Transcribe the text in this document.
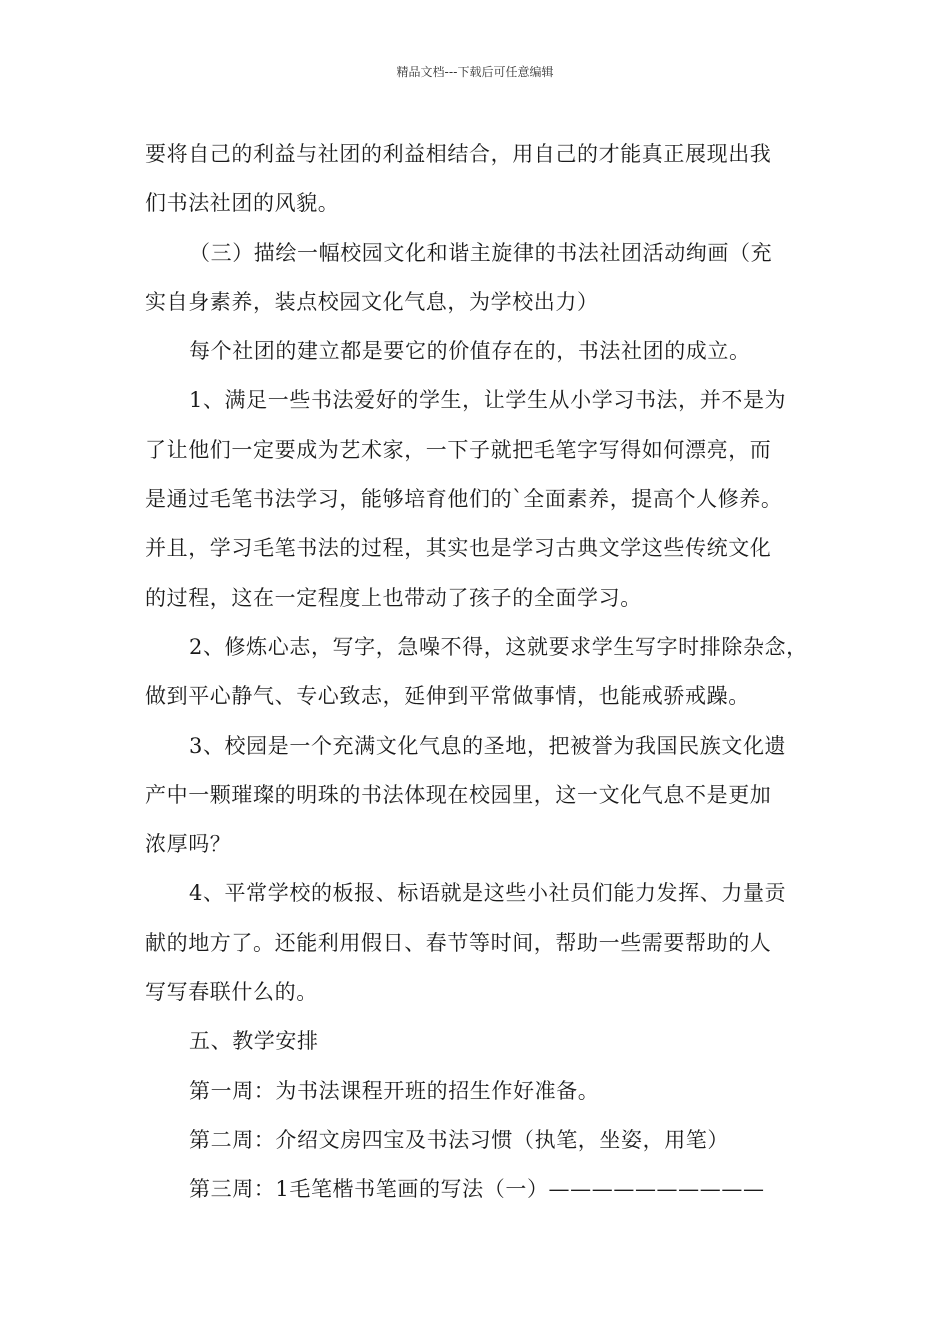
精品文档---下载后可任意编辑

要将自己的利益与社团的利益相结合，用自己的才能真正展现出我
们书法社团的风貌。

（三）描绘一幅校园文化和谐主旋律的书法社团活动绚画（充
实自身素养，装点校园文化气息，为学校出力）

每个社团的建立都是要它的价值存在的，书法社团的成立。

1、满足一些书法爱好的学生，让学生从小学习书法，并不是为
了让他们一定要成为艺术家，一下子就把毛笔字写得如何漂亮，而
是通过毛笔书法学习，能够培育他们的`全面素养，提高个人修养。
并且，学习毛笔书法的过程，其实也是学习古典文学这些传统文化
的过程，这在一定程度上也带动了孩子的全面学习。

2、修炼心志，写字，急噪不得，这就要求学生写字时排除杂念，
做到平心静气、专心致志，延伸到平常做事情，也能戒骄戒躁。

3、校园是一个充满文化气息的圣地，把被誉为我国民族文化遗
产中一颗璀璨的明珠的书法体现在校园里，这一文化气息不是更加
浓厚吗？

4、平常学校的板报、标语就是这些小社员们能力发挥、力量贡
献的地方了。还能利用假日、春节等时间，帮助一些需要帮助的人
写写春联什么的。

五、教学安排

第一周：为书法课程开班的招生作好准备。

第二周：介绍文房四宝及书法习惯（执笔，坐姿，用笔）

第三周：1毛笔楷书笔画的写法（一）——————————
